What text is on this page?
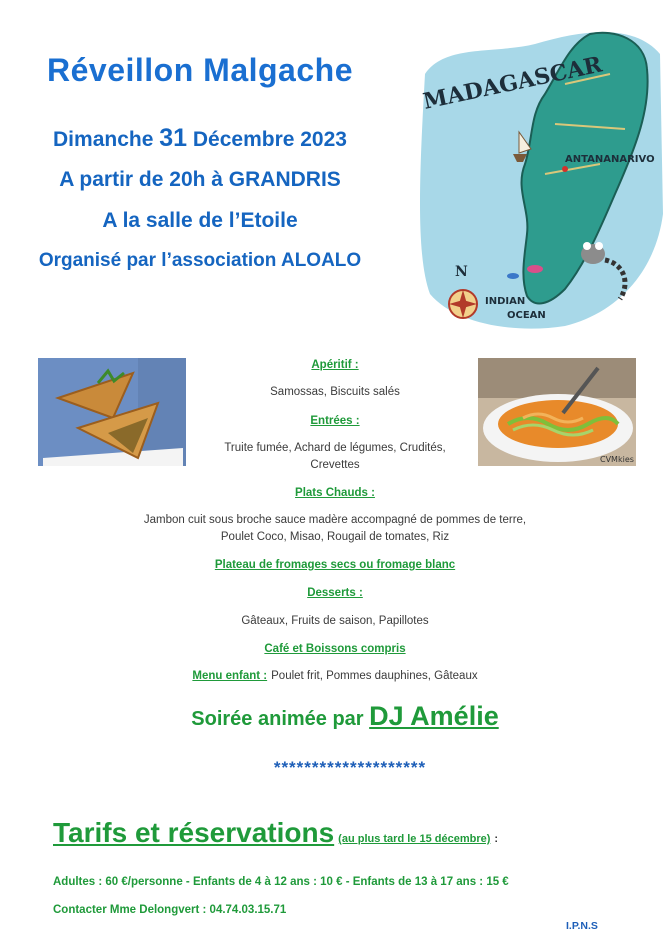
Réveillon Malgache
Dimanche 31 Décembre 2023
A partir de 20h à GRANDRIS
A la salle de l’Etoile
Organisé par l’association ALOALO
MADAGASCAR
ANTANANARIVO
INDIAN
OCEAN
N
CVMkies
Apéritif :
Samossas, Biscuits salés
Entrées :
Truite fumée, Achard de légumes, Crudités,
Crevettes
Plats Chauds :
Jambon cuit sous broche sauce madère accompagné de pommes de terre,
Poulet Coco, Misao, Rougail de tomates, Riz
Plateau de fromages secs ou fromage blanc
Desserts :
Gâteaux, Fruits de saison, Papillotes
Café et Boissons compris
Menu enfant : Poulet frit, Pommes dauphines, Gâteaux
Soirée animée par DJ Amélie
********************
Tarifs et réservations (au plus tard le 15 décembre) :
Adultes : 60 €/personne - Enfants de 4 à 12 ans : 10 € - Enfants de 13 à 17 ans : 15 €
Contacter Mme Delongvert : 04.74.03.15.71
I.P.N.S
